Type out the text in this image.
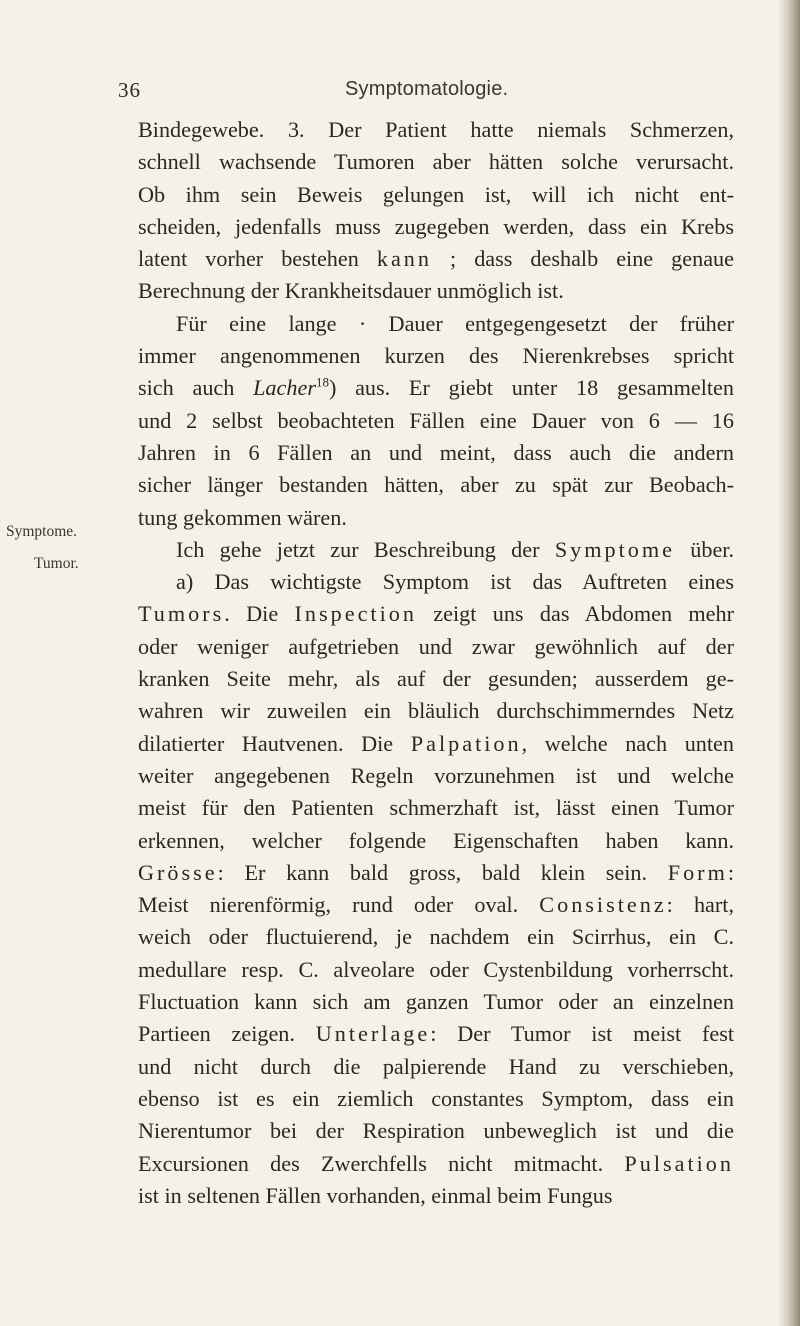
36	Symptomatologie.
Symptome.
Tumor.
Bindegewebe. 3. Der Patient hatte niemals Schmerzen,
schnell wachsende Tumoren aber hätten solche verursacht.
Ob ihm sein Beweis gelungen ist, will ich nicht ent-
scheiden, jedenfalls muss zugegeben werden, dass ein Krebs
latent vorher bestehen kann ; dass deshalb eine genaue
Berechnung der Krankheitsdauer unmöglich ist.
Für eine lange · Dauer entgegengesetzt der früher
immer angenommenen kurzen des Nierenkrebses spricht
sich auch Lacher$^{18}$) aus. Er giebt unter 18 gesammelten
und 2 selbst beobachteten Fällen eine Dauer von 6 — 16
Jahren in 6 Fällen an und meint, dass auch die andern
sicher länger bestanden hätten, aber zu spät zur Beobach-
tung gekommen wären.
Ich gehe jetzt zur Beschreibung der Symptome über.
a) Das wichtigste Symptom ist das Auftreten eines
Tumors. Die Inspection zeigt uns das Abdomen mehr
oder weniger aufgetrieben und zwar gewöhnlich auf der
kranken Seite mehr, als auf der gesunden; ausserdem ge-
wahren wir zuweilen ein bläulich durchschimmerndes Netz
dilatierter Hautvenen. Die Palpation, welche nach unten
weiter angegebenen Regeln vorzunehmen ist und welche
meist für den Patienten schmerzhaft ist, lässt einen Tumor
erkennen, welcher folgende Eigenschaften haben kann.
Grösse: Er kann bald gross, bald klein sein. Form:
Meist nierenförmig, rund oder oval. Consistenz: hart,
weich oder fluctuierend, je nachdem ein Scirrhus, ein C.
medullare resp. C. alveolare oder Cystenbildung vorherrscht.
Fluctuation kann sich am ganzen Tumor oder an einzelnen
Partieen zeigen. Unterlage: Der Tumor ist meist fest
und nicht durch die palpierende Hand zu verschieben,
ebenso ist es ein ziemlich constantes Symptom, dass ein
Nierentumor bei der Respiration unbeweglich ist und die
Excursionen des Zwerchfells nicht mitmacht. Pulsation
ist in seltenen Fällen vorhanden, einmal beim Fungus
